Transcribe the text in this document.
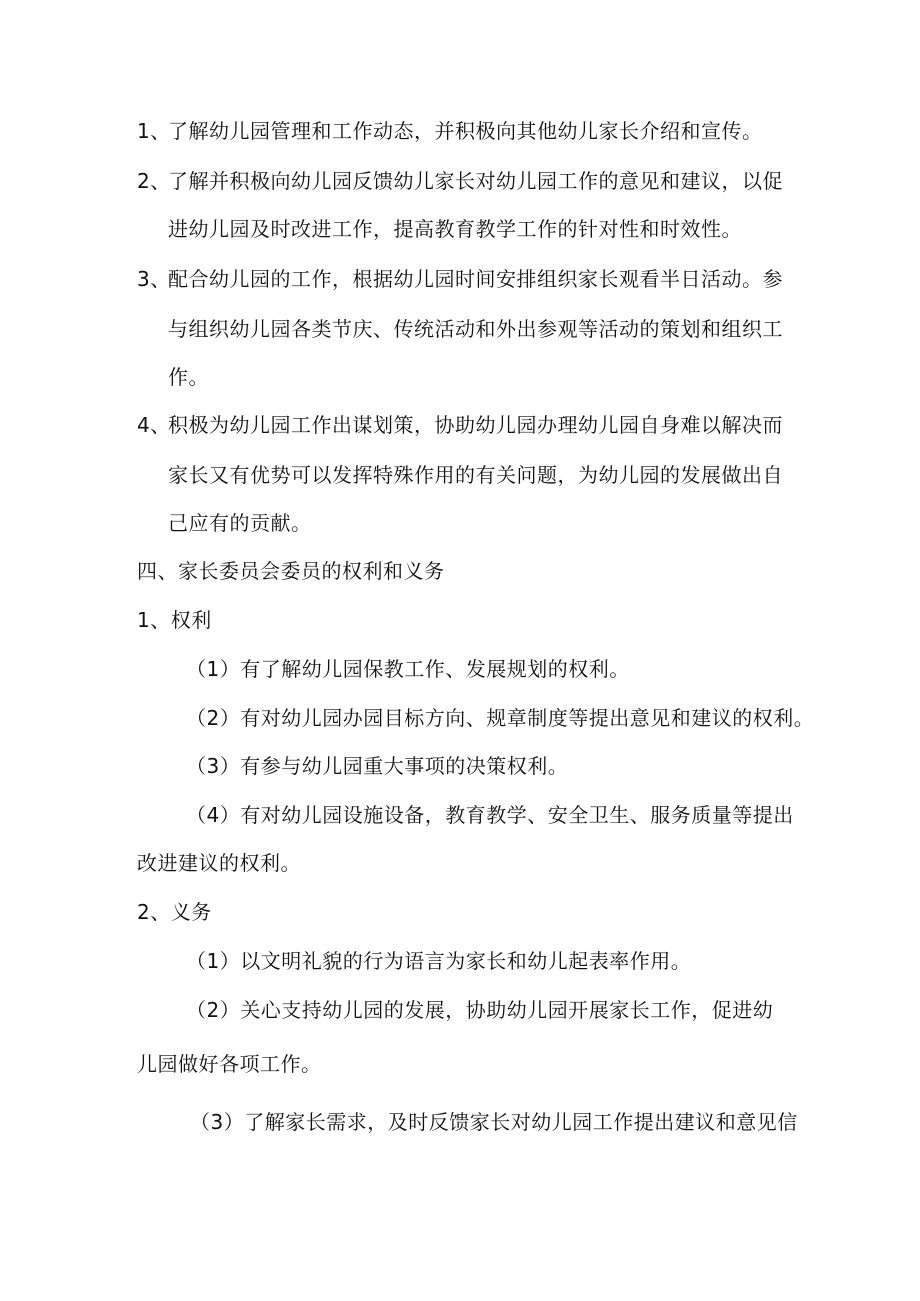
1、
了解幼儿园管理和工作动态，并积极向其他幼儿家长介绍和宣传。
2、
了解并积极向幼儿园反馈幼儿家长对幼儿园工作的意见和建议，以促
进幼儿园及时改进工作，提高教育教学工作的针对性和时效性。
3、
配合幼儿园的工作，根据幼儿园时间安排组织家长观看半日活动。参
与组织幼儿园各类节庆、传统活动和外出参观等活动的策划和组织工
作。
4、
积极为幼儿园工作出谋划策，协助幼儿园办理幼儿园自身难以解决而
家长又有优势可以发挥特殊作用的有关问题，为幼儿园的发展做出自
己应有的贡献。
四、家长委员会委员的权利和义务
1、权利
（1）有了解幼儿园保教工作、发展规划的权利。
（2）有对幼儿园办园目标方向、规章制度等提出意见和建议的权利。
（3）有参与幼儿园重大事项的决策权利。
（4）有对幼儿园设施设备，教育教学、安全卫生、服务质量等提出
改进建议的权利。
2、义务
（1）以文明礼貌的行为语言为家长和幼儿起表率作用。
（2）关心支持幼儿园的发展，协助幼儿园开展家长工作，促进幼
儿园做好各项工作。
（3）了解家长需求，及时反馈家长对幼儿园工作提出建议和意见信
